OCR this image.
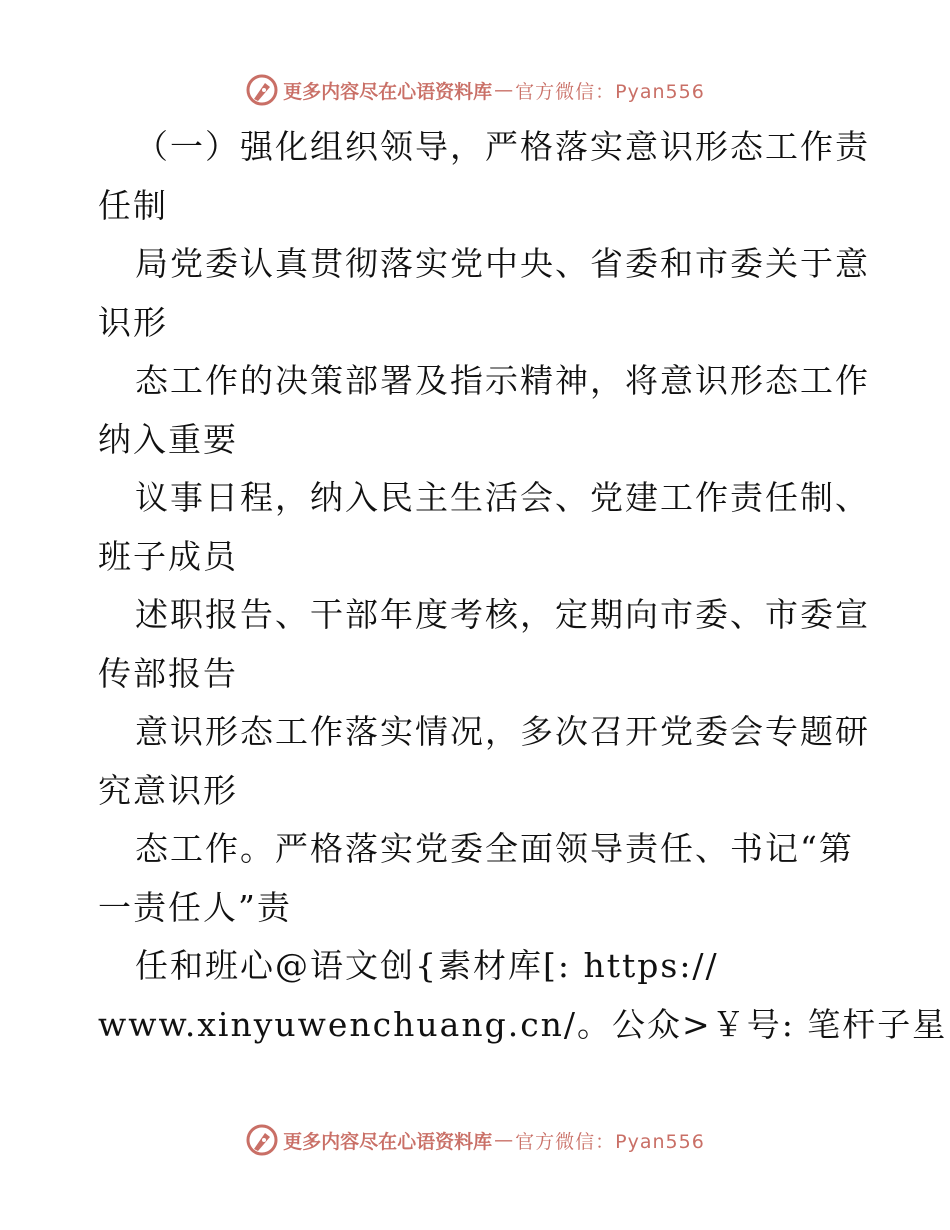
更多内容尽在心语资料库 — 官方微信：Pyan556
（一）强化组织领导，严格落实意识形态工作责
任制
局党委认真贯彻落实党中央、省委和市委关于意
识形
态工作的决策部署及指示精神，将意识形态工作
纳入重要
议事日程，纳入民主生活会、党建工作责任制、
班子成员
述职报告、干部年度考核，定期向市委、市委宣
传部报告
意识形态工作落实情况，多次召开党委会专题研
究意识形
态工作。严格落实党委全面领导责任、书记“第
一责任人”责
任和班心@语文创{素材库[: https://
www.xinyuwenchuang.cn/。公众>￥号: 笔杆子星
更多内容尽在心语资料库 — 官方微信：Pyan556
